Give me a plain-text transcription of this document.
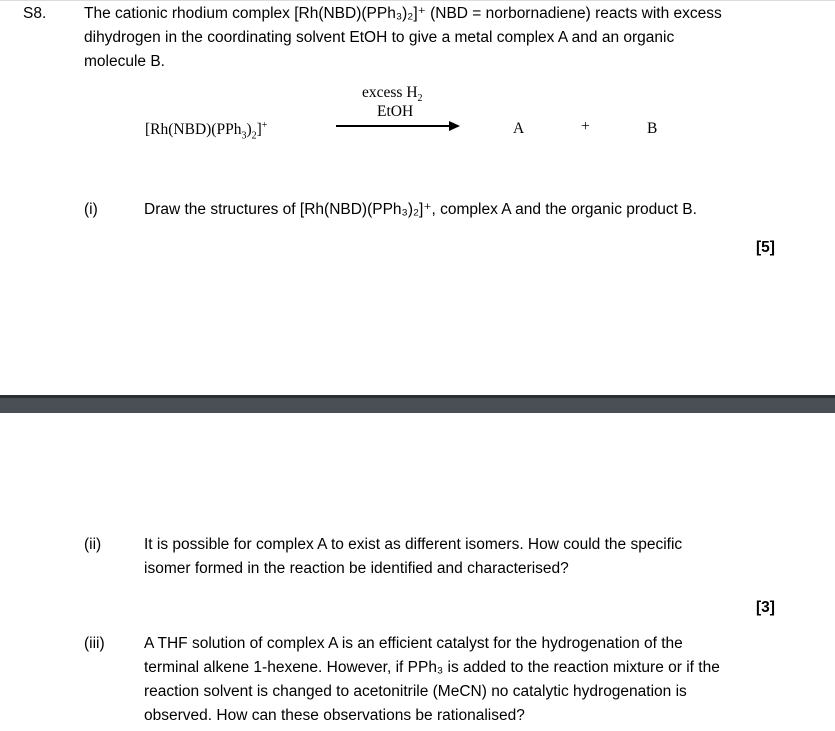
S8. The cationic rhodium complex [Rh(NBD)(PPh₃)₂]⁺ (NBD = norbornadiene) reacts with excess
dihydrogen in the coordinating solvent EtOH to give a metal complex A and an organic
molecule B.
$[Rh(NBD)(PPh_3)_2]^+$
excess $H_2$
EtOH
A	+	B
(i)	Draw the structures of [Rh(NBD)(PPh₃)₂]⁺, complex A and the organic product B.
[5]
(ii)	It is possible for complex A to exist as different isomers. How could the specific
isomer formed in the reaction be identified and characterised?
[3]
(iii)	A THF solution of complex A is an efficient catalyst for the hydrogenation of the
terminal alkene 1-hexene. However, if PPh₃ is added to the reaction mixture or if the
reaction solvent is changed to acetonitrile (MeCN) no catalytic hydrogenation is
observed. How can these observations be rationalised?
